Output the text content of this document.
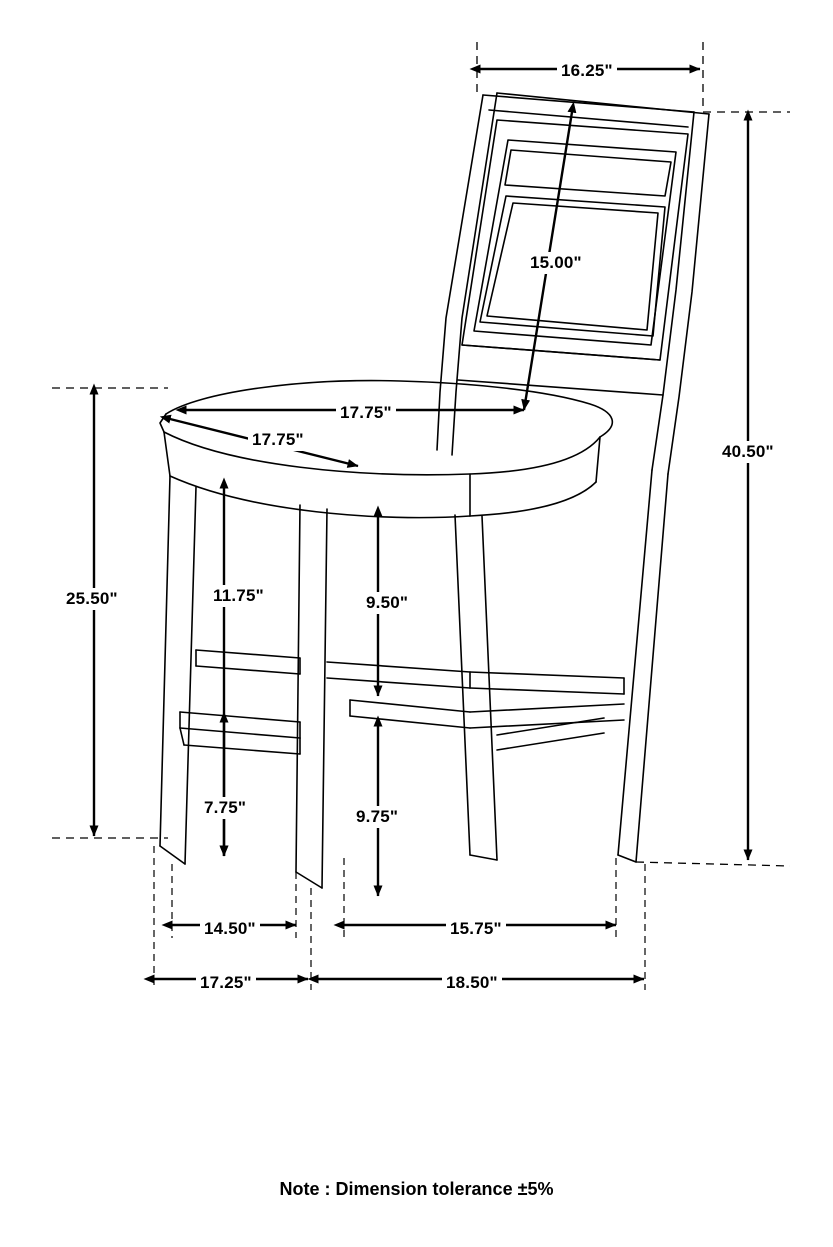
16.25"
15.00"
40.50"
17.75"
17.75"
25.50"	11.75"	9.50"
7.75"	9.75"
14.50"	15.75"
17.25"	18.50"
Note : Dimension tolerance ±5%
